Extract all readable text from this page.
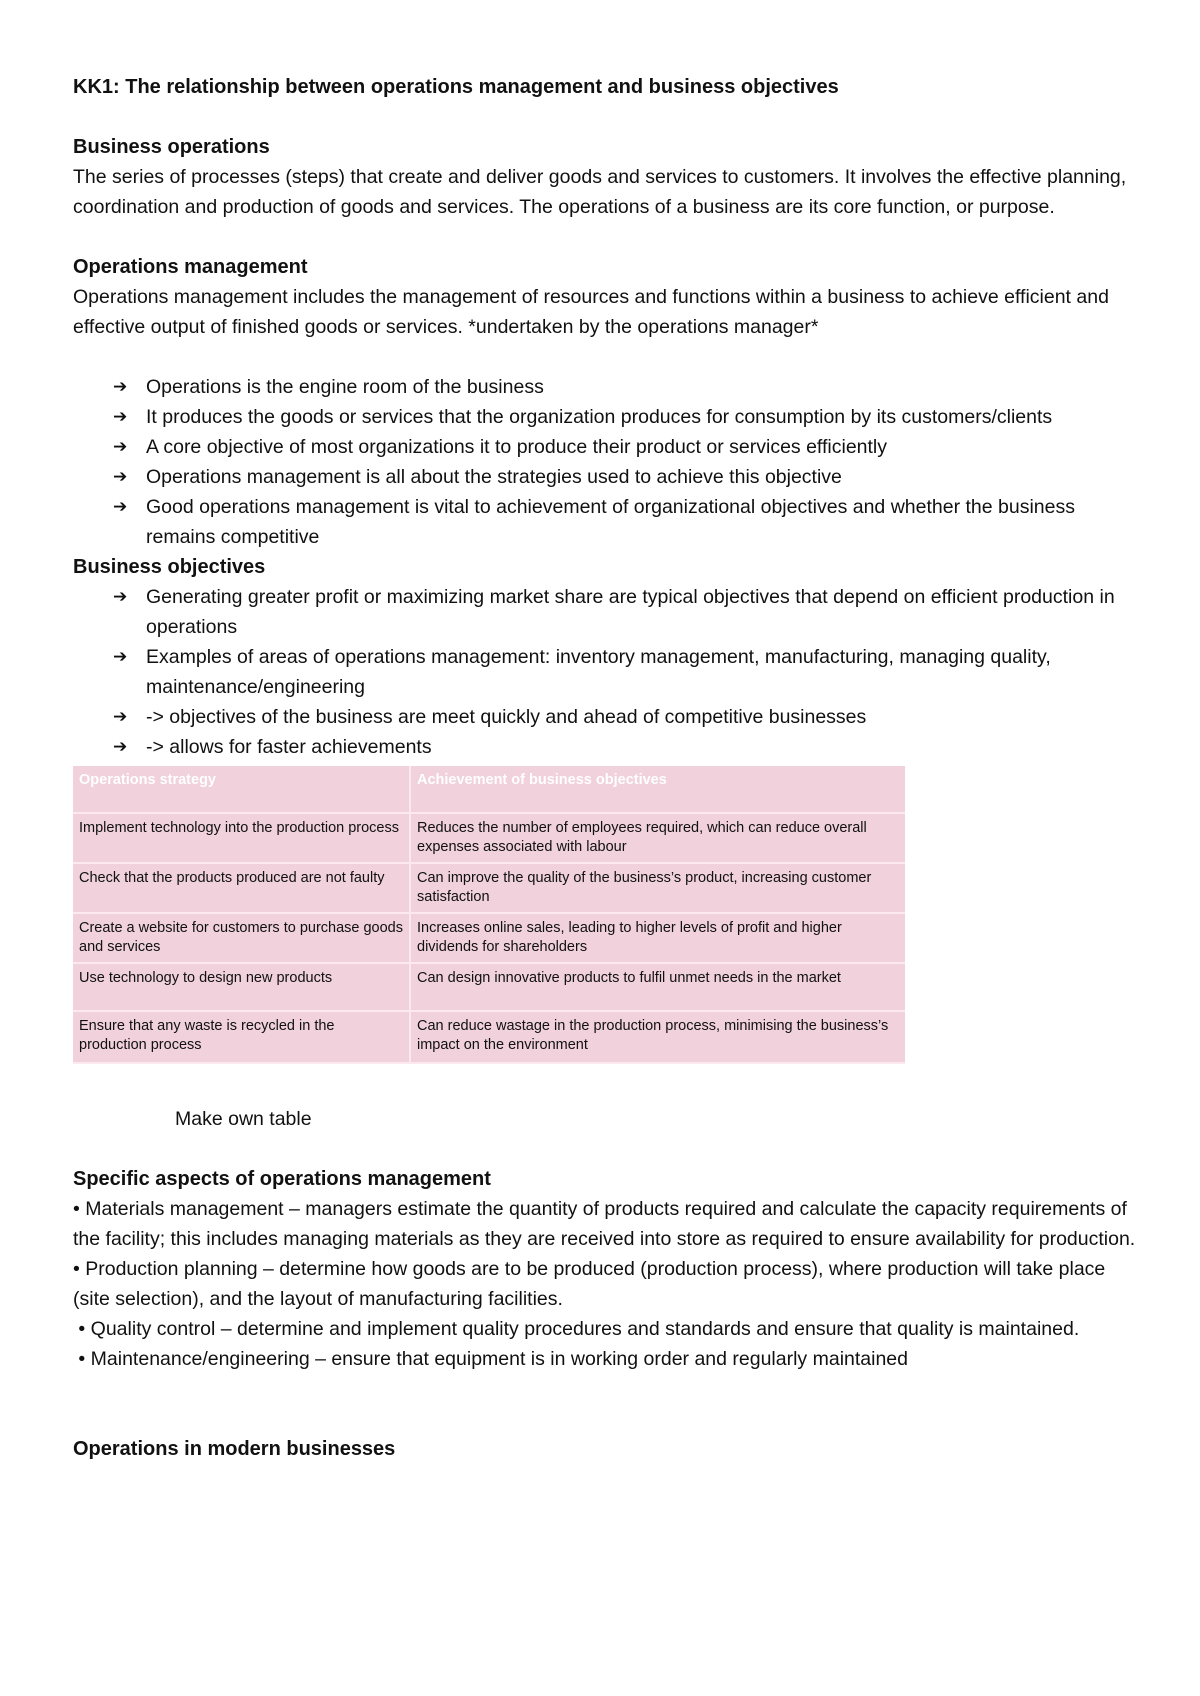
KK1: The relationship between operations management and business objectives

Business operations

The series of processes (steps) that create and deliver goods and services to customers. It involves the effective planning, coordination and production of goods and services. The operations of a business are its core function, or purpose.

Operations management

Operations management includes the management of resources and functions within a business to achieve efficient and effective output of finished goods or services. *undertaken by the operations manager*

➔ Operations is the engine room of the business
➔ It produces the goods or services that the organization produces for consumption by its customers/clients
➔ A core objective of most organizations it to produce their product or services efficiently
➔ Operations management is all about the strategies used to achieve this objective
➔ Good operations management is vital to achievement of organizational objectives and whether the business remains competitive

Business objectives

➔ Generating greater profit or maximizing market share are typical objectives that depend on efficient production in operations
➔ Examples of areas of operations management: inventory management, manufacturing, managing quality, maintenance/engineering
➔ -> objectives of the business are meet quickly and ahead of competitive businesses
➔ -> allows for faster achievements
Operations strategy	Achievement of business objectives
Implement technology into the production process	Reduces the number of employees required, which can reduce overall expenses associated with labour
Check that the products produced are not faulty	Can improve the quality of the business’s product, increasing customer satisfaction
Create a website for customers to purchase goods and services	Increases online sales, leading to higher levels of profit and higher dividends for shareholders
Use technology to design new products	Can design innovative products to fulfil unmet needs in the market
Ensure that any waste is recycled in the production process	Can reduce wastage in the production process, minimising the business’s impact on the environment

Make own table

Specific aspects of operations management

• Materials management – managers estimate the quantity of products required and calculate the capacity requirements of the facility; this includes managing materials as they are received into store as required to ensure availability for production.

• Production planning – determine how goods are to be produced (production process), where production will take place (site selection), and the layout of manufacturing facilities.

• Quality control – determine and implement quality procedures and standards and ensure that quality is maintained.

• Maintenance/engineering – ensure that equipment is in working order and regularly maintained

Operations in modern businesses
